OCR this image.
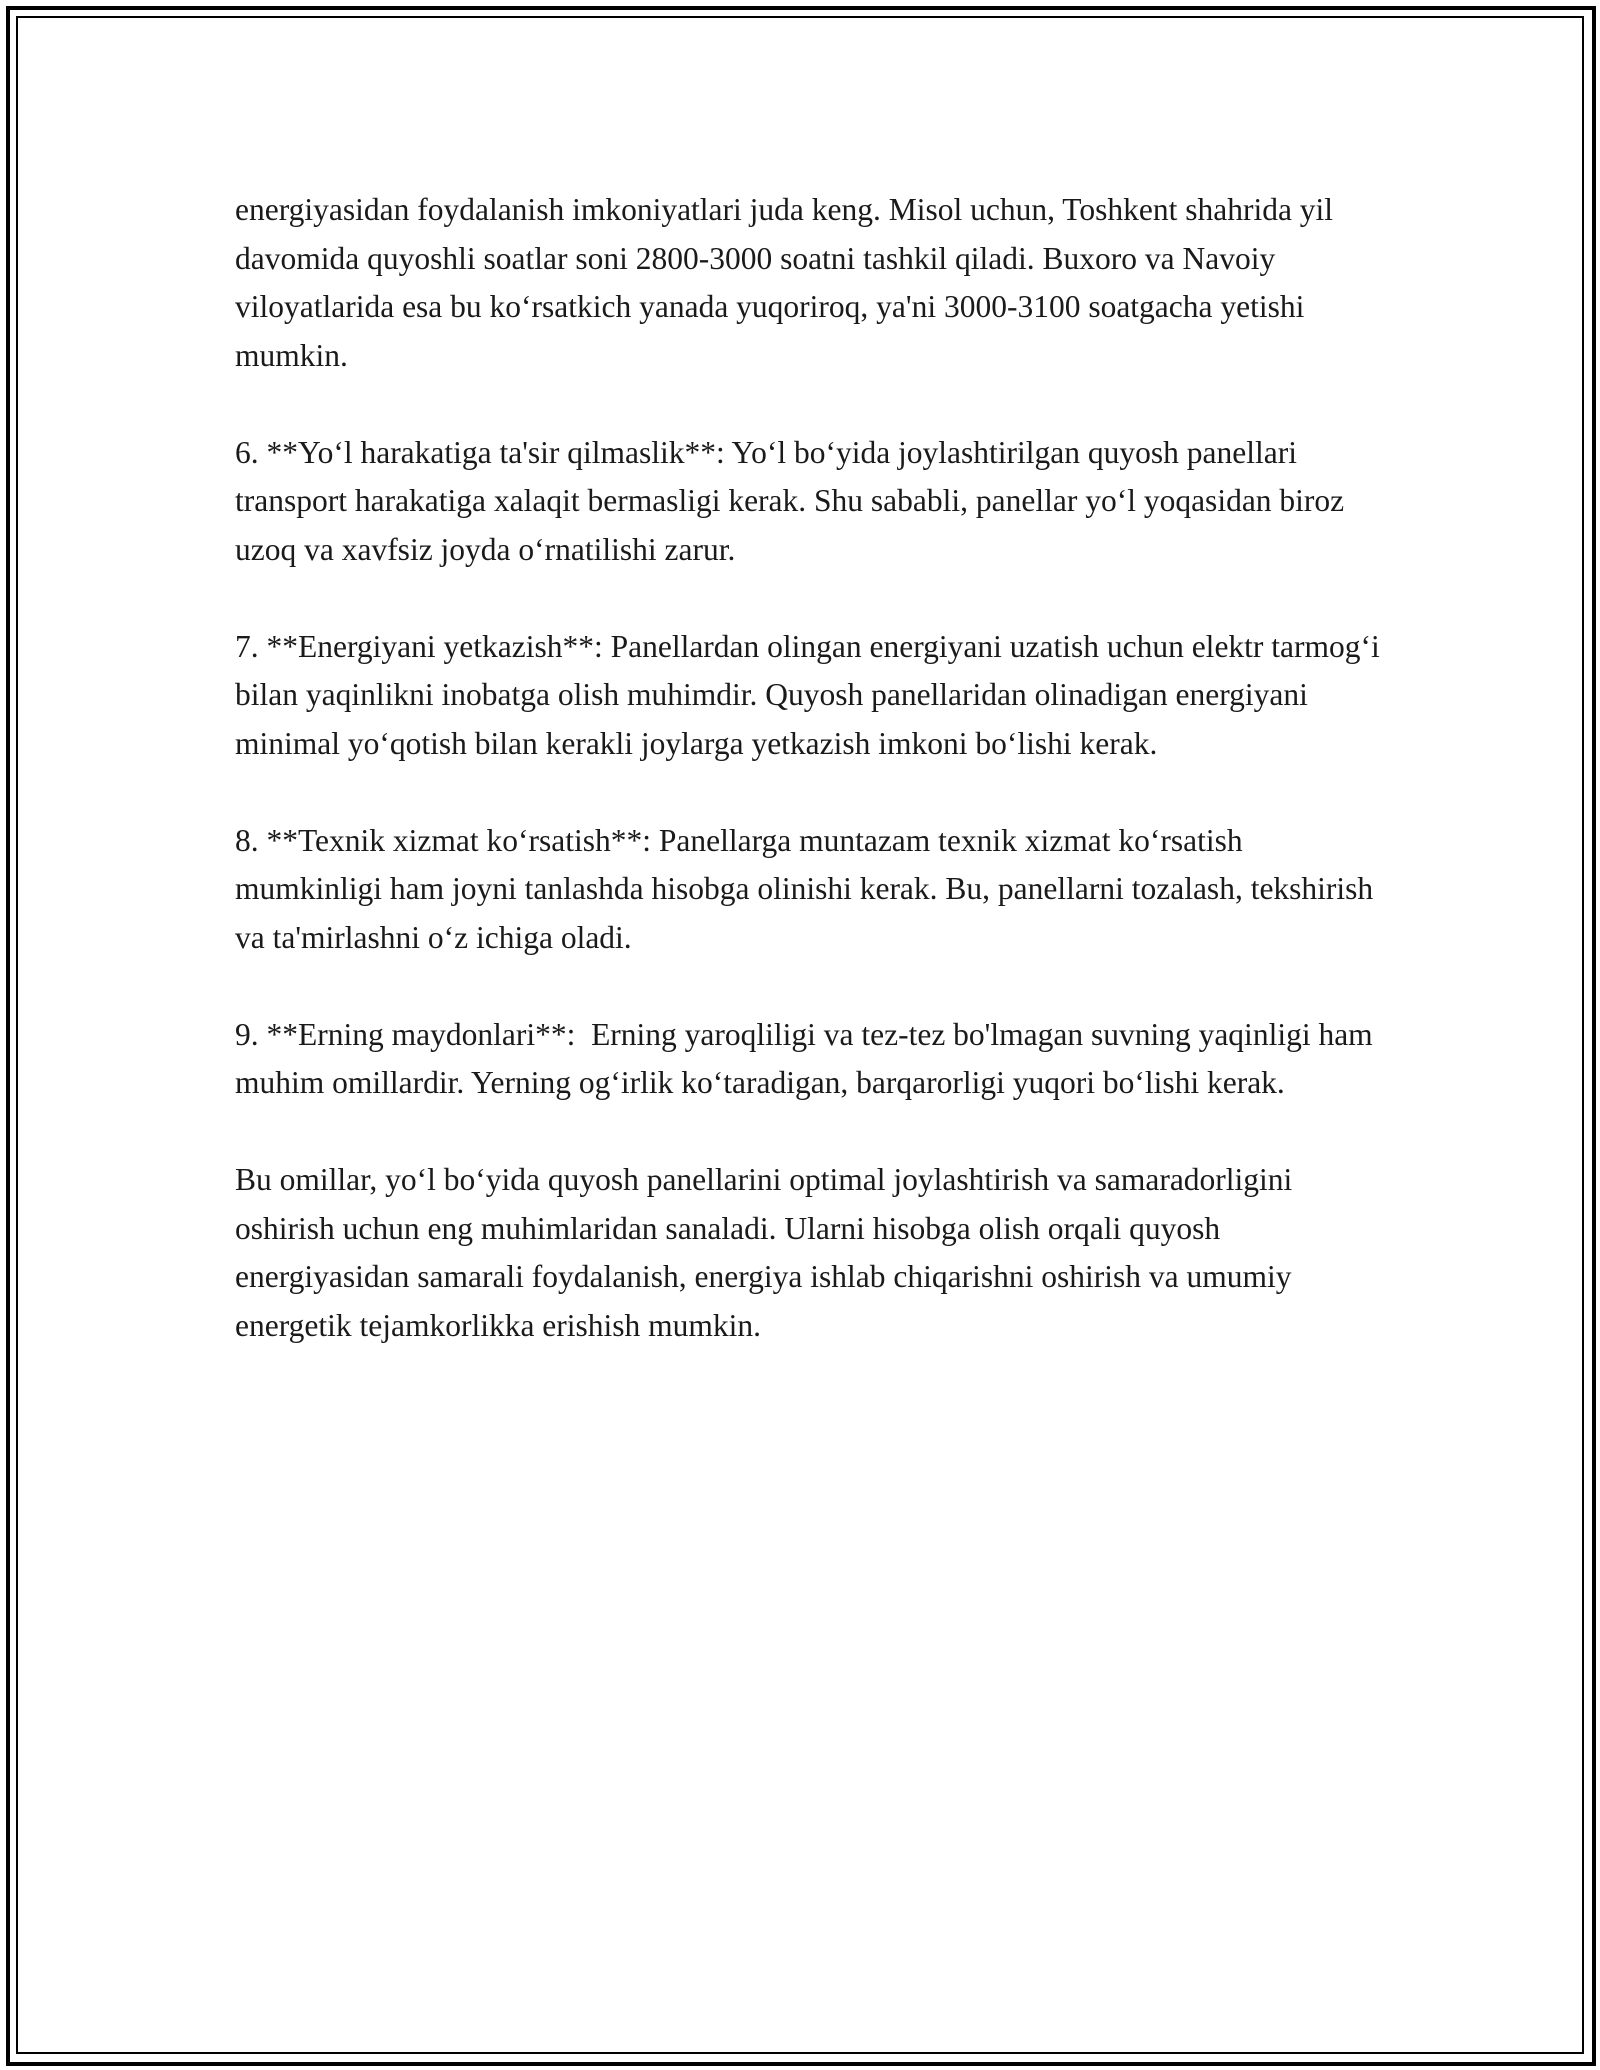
energiyasidan foydalanish imkoniyatlari juda keng. Misol uchun, Toshkent shahrida yil davomida quyoshli soatlar soni 2800-3000 soatni tashkil qiladi. Buxoro va Navoiy viloyatlarida esa bu ko‘rsatkich yanada yuqoriroq, ya'ni 3000-3100 soatgacha yetishi mumkin.

6. **Yo‘l harakatiga ta'sir qilmaslik**: Yo‘l bo‘yida joylashtirilgan quyosh panellari transport harakatiga xalaqit bermasligi kerak. Shu sababli, panellar yo‘l yoqasidan biroz uzoq va xavfsiz joyda o‘rnatilishi zarur.

7. **Energiyani yetkazish**: Panellardan olingan energiyani uzatish uchun elektr tarmog‘i bilan yaqinlikni inobatga olish muhimdir. Quyosh panellaridan olinadigan energiyani minimal yo‘qotish bilan kerakli joylarga yetkazish imkoni bo‘lishi kerak.

8. **Texnik xizmat ko‘rsatish**: Panellarga muntazam texnik xizmat ko‘rsatish mumkinligi ham joyni tanlashda hisobga olinishi kerak. Bu, panellarni tozalash, tekshirish va ta'mirlashni o‘z ichiga oladi.

9. **Erning maydonlari**:  Erning yaroqliligi va tez-tez bo'lmagan suvning yaqinligi ham muhim omillardir. Yerning og‘irlik ko‘taradigan, barqarorligi yuqori bo‘lishi kerak.

Bu omillar, yo‘l bo‘yida quyosh panellarini optimal joylashtirish va samaradorligini oshirish uchun eng muhimlaridan sanaladi. Ularni hisobga olish orqali quyosh energiyasidan samarali foydalanish, energiya ishlab chiqarishni oshirish va umumiy energetik tejamkorlikka erishish mumkin.
